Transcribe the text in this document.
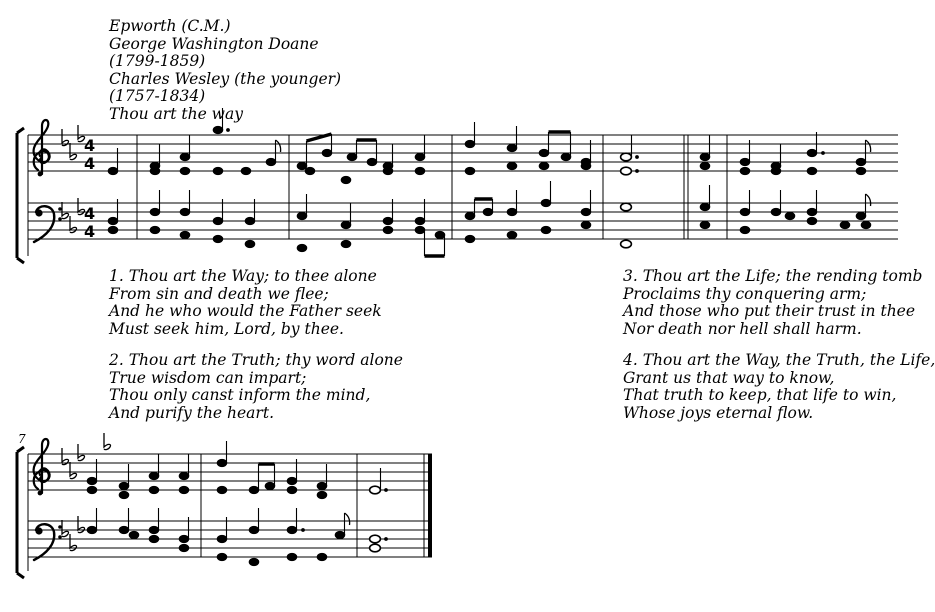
Epworth (C.M.)
George Washington Doane
(1799-1859)
Charles Wesley (the younger)
(1757-1834)
Thou art the way
4
4
4
4
7
1. Thou art the Way; to thee alone
From sin and death we flee;
And he who would the Father seek
Must seek him, Lord, by thee.
2. Thou art the Truth; thy word alone
True wisdom can impart;
Thou only canst inform the mind,
And purify the heart.
3. Thou art the Life; the rending tomb
Proclaims thy conquering arm;
And those who put their trust in thee
Nor death nor hell shall harm.
4. Thou art the Way, the Truth, the Life,
Grant us that way to know,
That truth to keep, that life to win,
Whose joys eternal flow.
